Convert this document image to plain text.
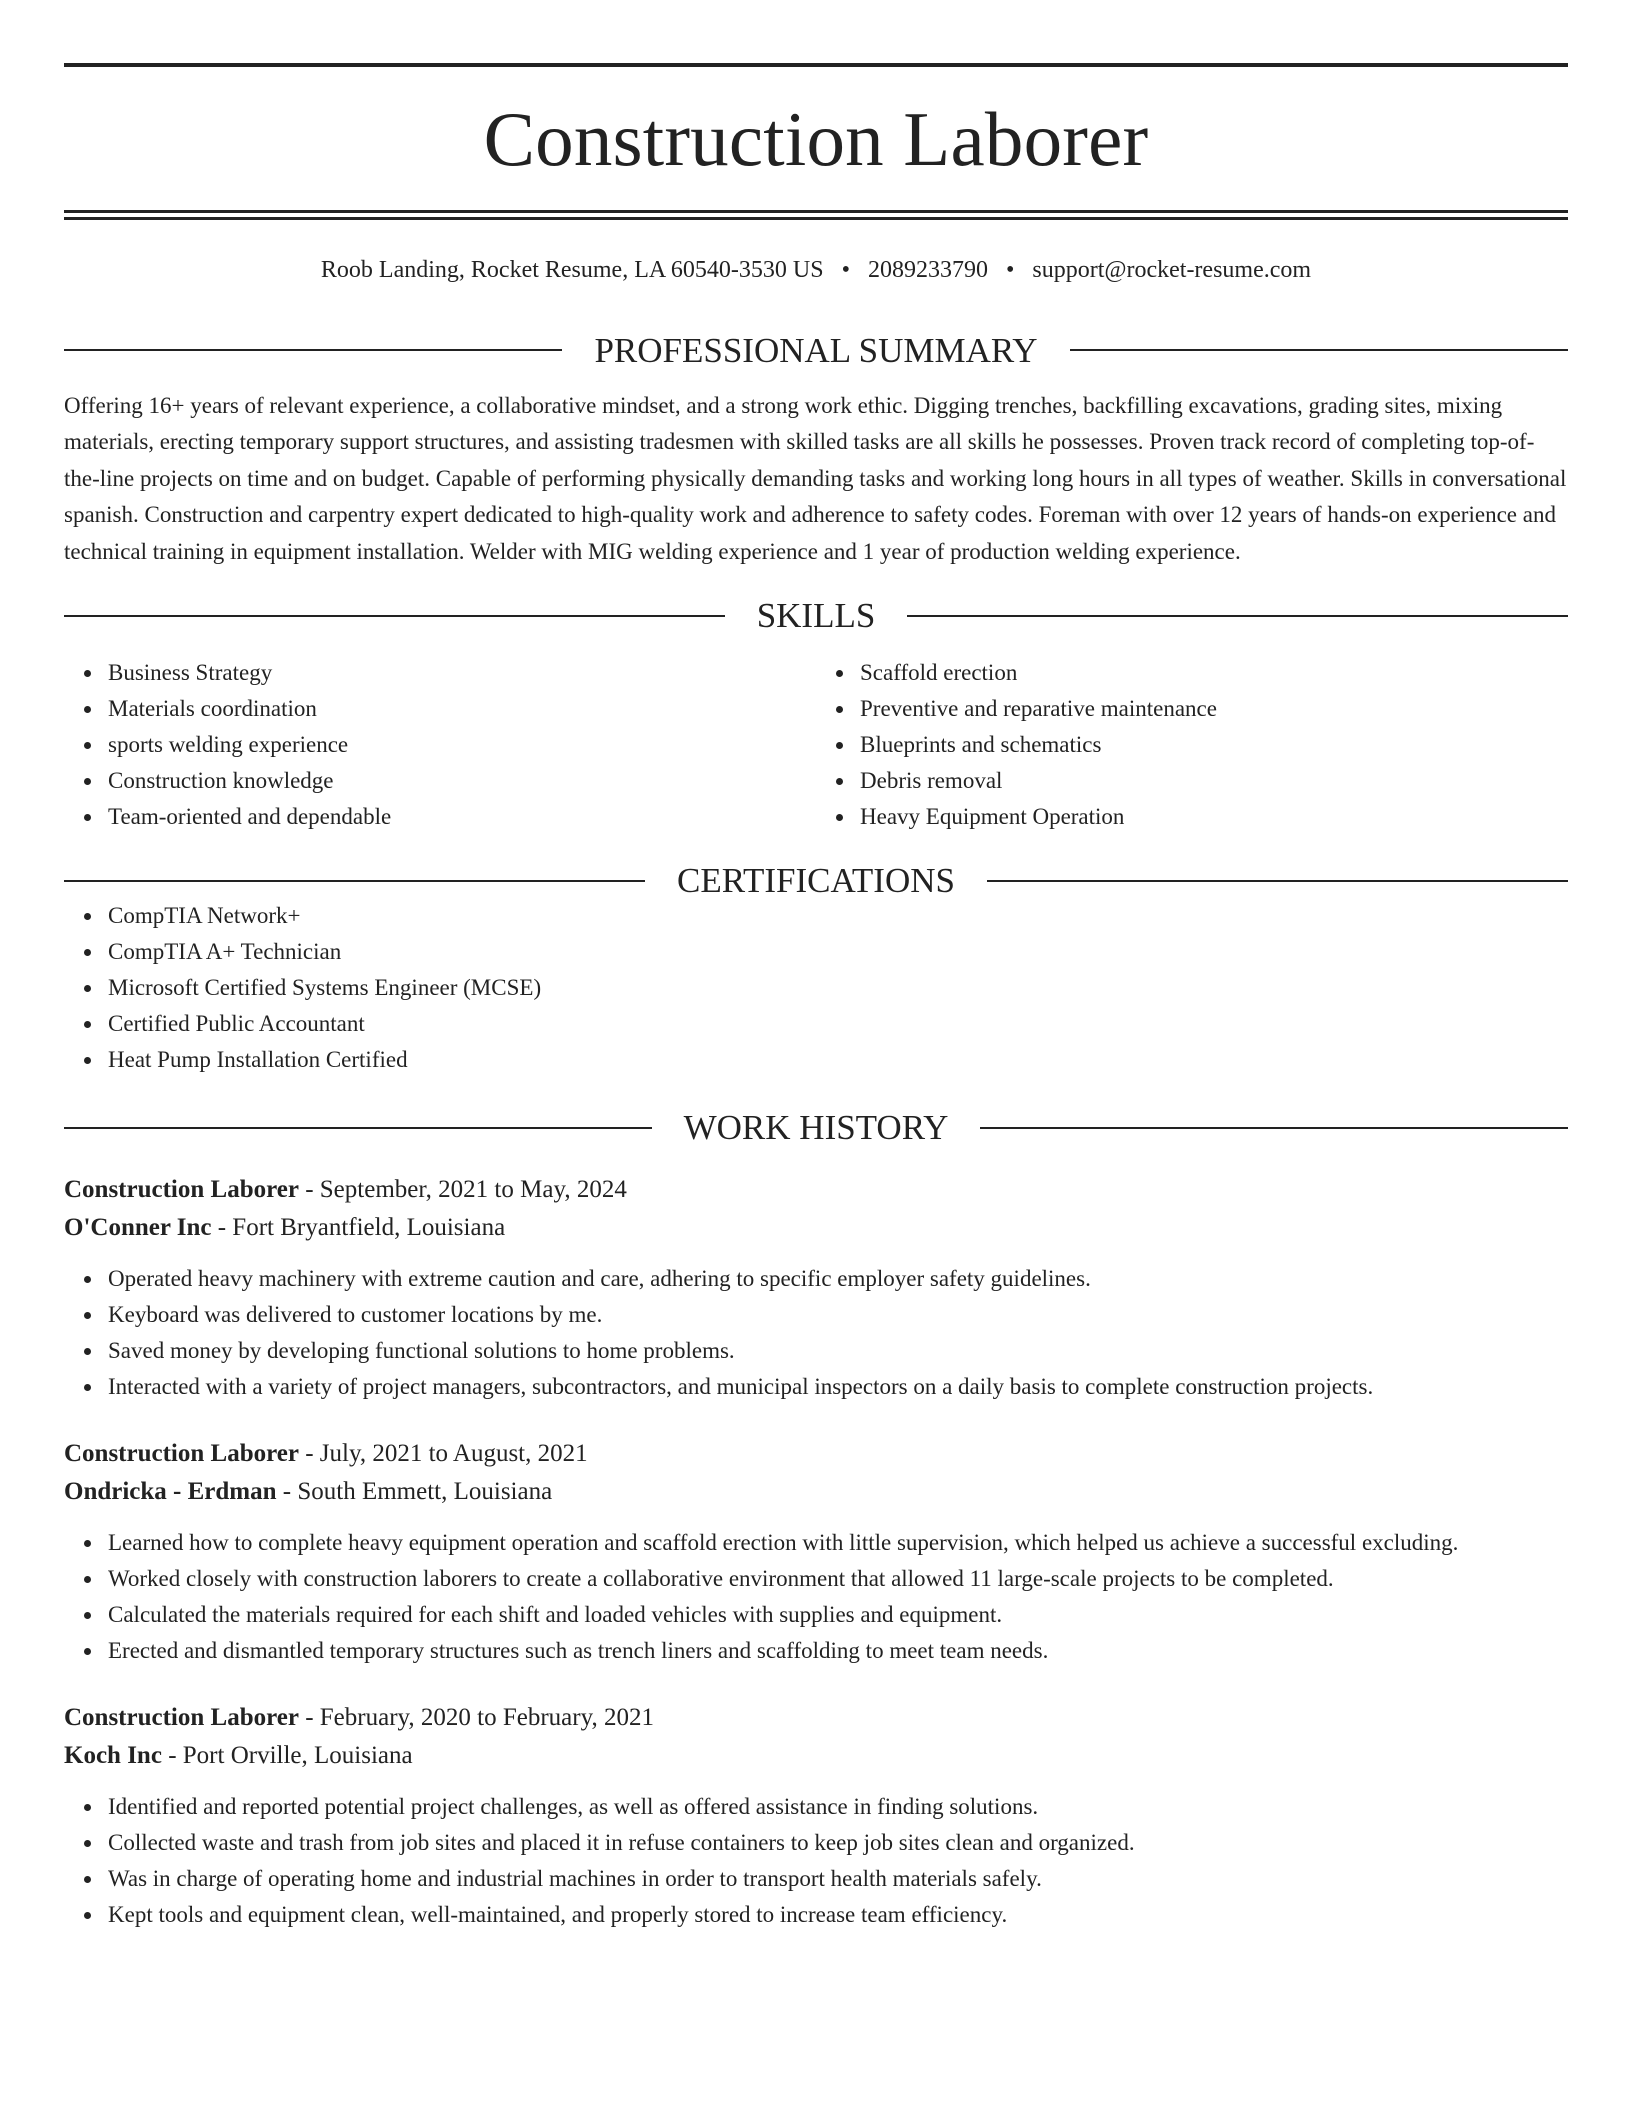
Construction Laborer
Roob Landing, Rocket Resume, LA 60540-3530 US • 2089233790 • support@rocket-resume.com
PROFESSIONAL SUMMARY

Offering 16+ years of relevant experience, a collaborative mindset, and a strong work ethic. Digging trenches, backfilling excavations, grading sites, mixing materials, erecting temporary support structures, and assisting tradesmen with skilled tasks are all skills he possesses. Proven track record of completing top-of-the-line projects on time and on budget. Capable of performing physically demanding tasks and working long hours in all types of weather. Skills in conversational spanish. Construction and carpentry expert dedicated to high-quality work and adherence to safety codes. Foreman with over 12 years of hands-on experience and technical training in equipment installation. Welder with MIG welding experience and 1 year of production welding experience.

SKILLS
Business Strategy
Materials coordination
sports welding experience
Construction knowledge
Team-oriented and dependable
Scaffold erection
Preventive and reparative maintenance
Blueprints and schematics
Debris removal
Heavy Equipment Operation
CERTIFICATIONS
CompTIA Network+
CompTIA A+ Technician
Microsoft Certified Systems Engineer (MCSE)
Certified Public Accountant
Heat Pump Installation Certified
WORK HISTORY
Construction Laborer - September, 2021 to May, 2024
O'Conner Inc - Fort Bryantfield, Louisiana
Operated heavy machinery with extreme caution and care, adhering to specific employer safety guidelines.
Keyboard was delivered to customer locations by me.
Saved money by developing functional solutions to home problems.
Interacted with a variety of project managers, subcontractors, and municipal inspectors on a daily basis to complete construction projects.
Construction Laborer - July, 2021 to August, 2021
Ondricka - Erdman - South Emmett, Louisiana
Learned how to complete heavy equipment operation and scaffold erection with little supervision, which helped us achieve a successful excluding.
Worked closely with construction laborers to create a collaborative environment that allowed 11 large-scale projects to be completed.
Calculated the materials required for each shift and loaded vehicles with supplies and equipment.
Erected and dismantled temporary structures such as trench liners and scaffolding to meet team needs.
Construction Laborer - February, 2020 to February, 2021
Koch Inc - Port Orville, Louisiana
Identified and reported potential project challenges, as well as offered assistance in finding solutions.
Collected waste and trash from job sites and placed it in refuse containers to keep job sites clean and organized.
Was in charge of operating home and industrial machines in order to transport health materials safely.
Kept tools and equipment clean, well-maintained, and properly stored to increase team efficiency.
